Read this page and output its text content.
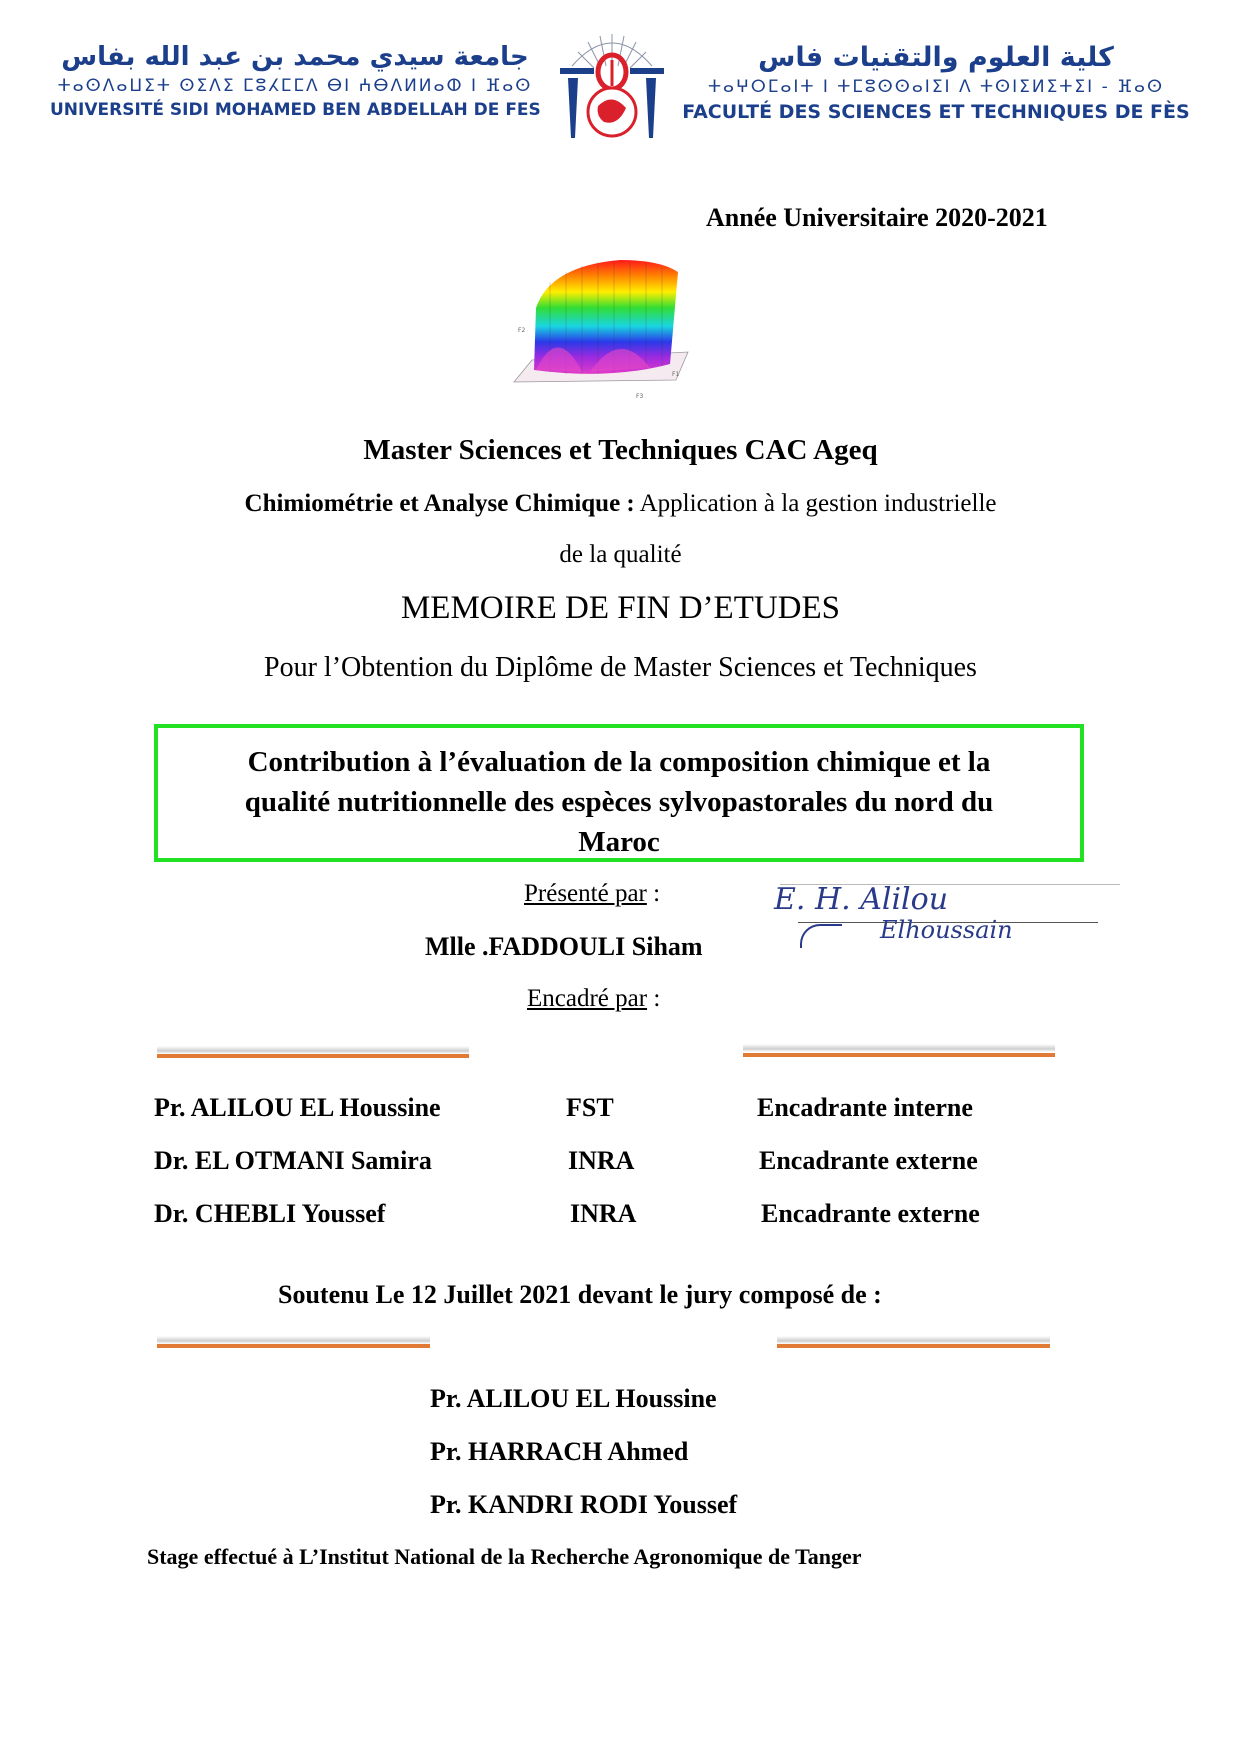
جامعة سيدي محمد بن عبد الله بفاس
ⵜⴰⵙⴷⴰⵡⵉⵜ ⵙⵉⴷⵉ ⵎⵓⵃⵎⵎⴷ ⴱⵏ ⵄⴱⴷⵍⵍⴰⵀ ⵏ ⴼⴰⵙ
UNIVERSITÉ SIDI MOHAMED BEN ABDELLAH DE FES
كلية العلوم والتقنيات فاس
ⵜⴰⵖⵔⵎⴰⵏⵜ ⵏ ⵜⵎⵓⵙⵙⴰⵏⵉⵏ ⴷ ⵜⵙⵏⵉⵍⵉⵜⵉⵏ - ⴼⴰⵙ
FACULTÉ DES SCIENCES ET TECHNIQUES DE FÈS
Année Universitaire 2020-2021
F2
F1
F3
Master Sciences et Techniques CAC Ageq
Chimiométrie et Analyse Chimique : Application à la gestion industrielle
de la qualité
MEMOIRE DE FIN D’ETUDES
Pour l’Obtention du Diplôme de Master Sciences et Techniques
Contribution à l’évaluation de la composition chimique et la
qualité nutritionnelle des espèces sylvopastorales du nord du
Maroc
Présenté par :
Mlle .FADDOULI Siham
E. H. Alilou
Elhoussain
Encadré par :
Pr. ALILOU EL Houssine	FST	Encadrante interne
Dr. EL OTMANI Samira	INRA	Encadrante externe
Dr. CHEBLI Youssef	INRA	Encadrante externe
Soutenu Le 12 Juillet 2021 devant le jury composé de :
Pr. ALILOU EL Houssine
Pr. HARRACH Ahmed
Pr. KANDRI RODI Youssef
Stage effectué à L’Institut National de la Recherche Agronomique de Tanger
